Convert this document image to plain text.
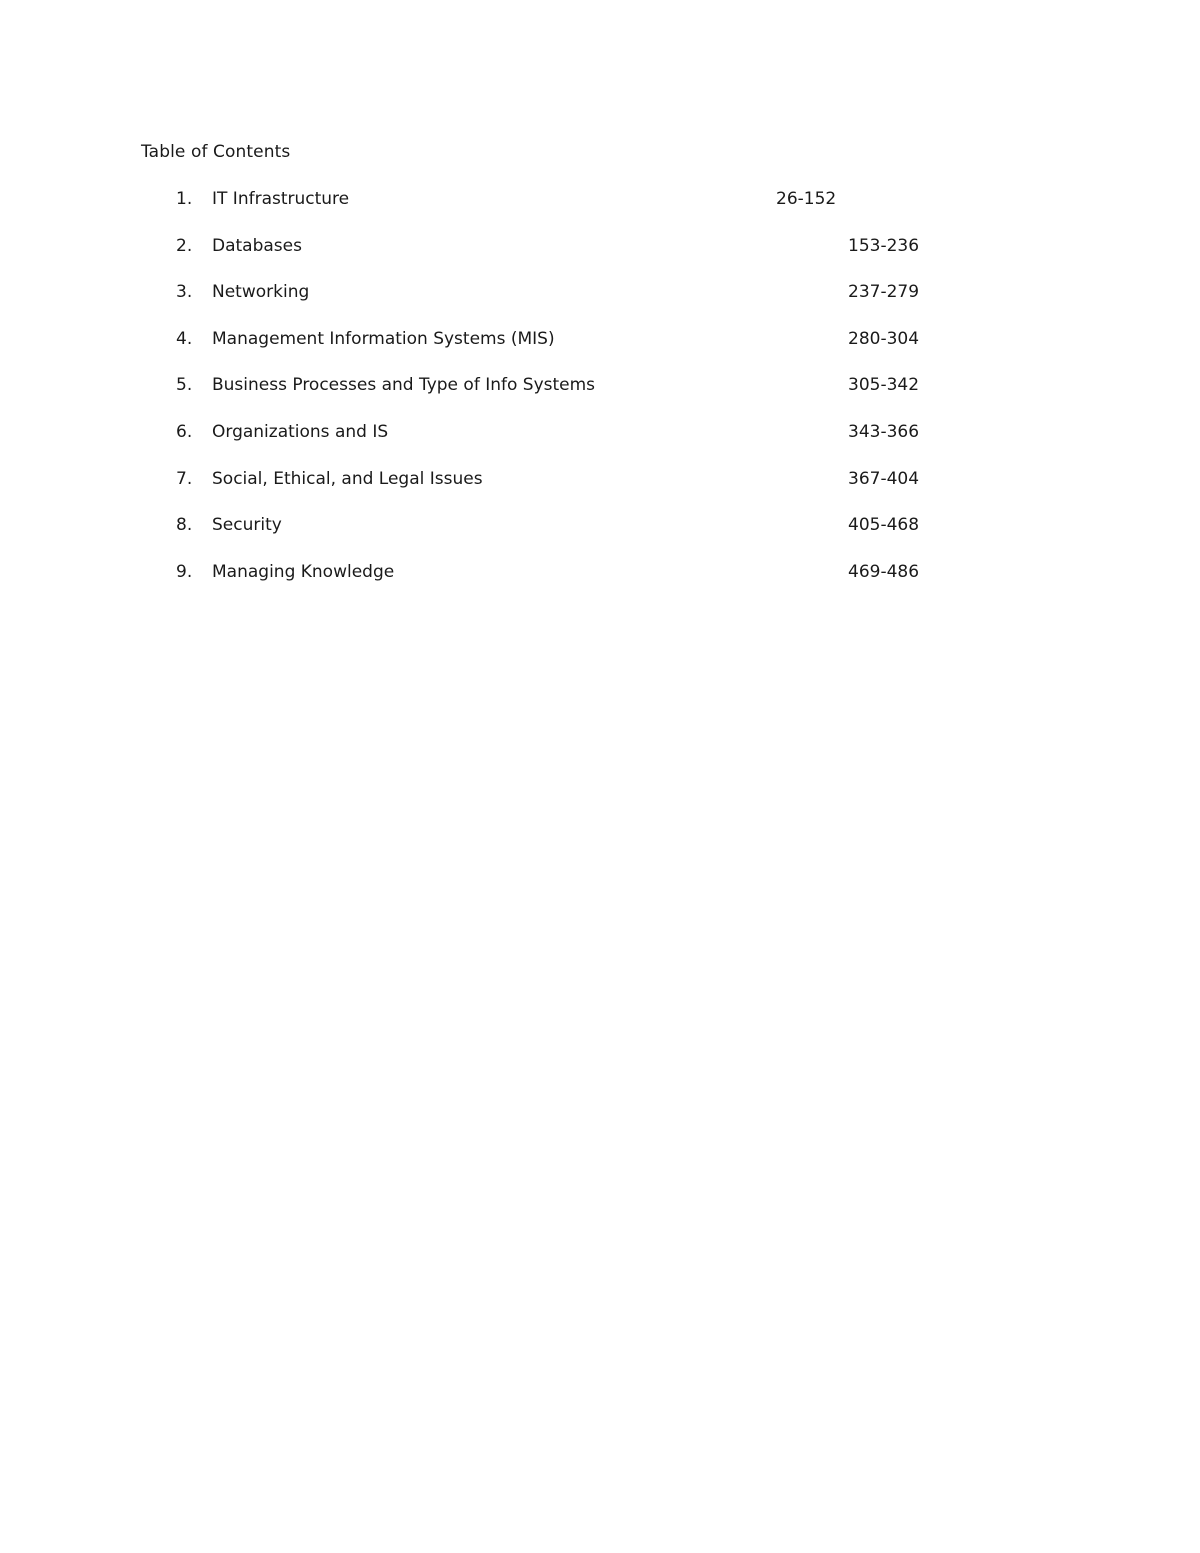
Table of Contents
1. IT Infrastructure	26-152
2. Databases	153-236
3. Networking	237-279
4. Management Information Systems (MIS)	280-304
5. Business Processes and Type of Info Systems	305-342
6. Organizations and IS	343-366
7. Social, Ethical, and Legal Issues	367-404
8. Security	405-468
9. Managing Knowledge	469-486
